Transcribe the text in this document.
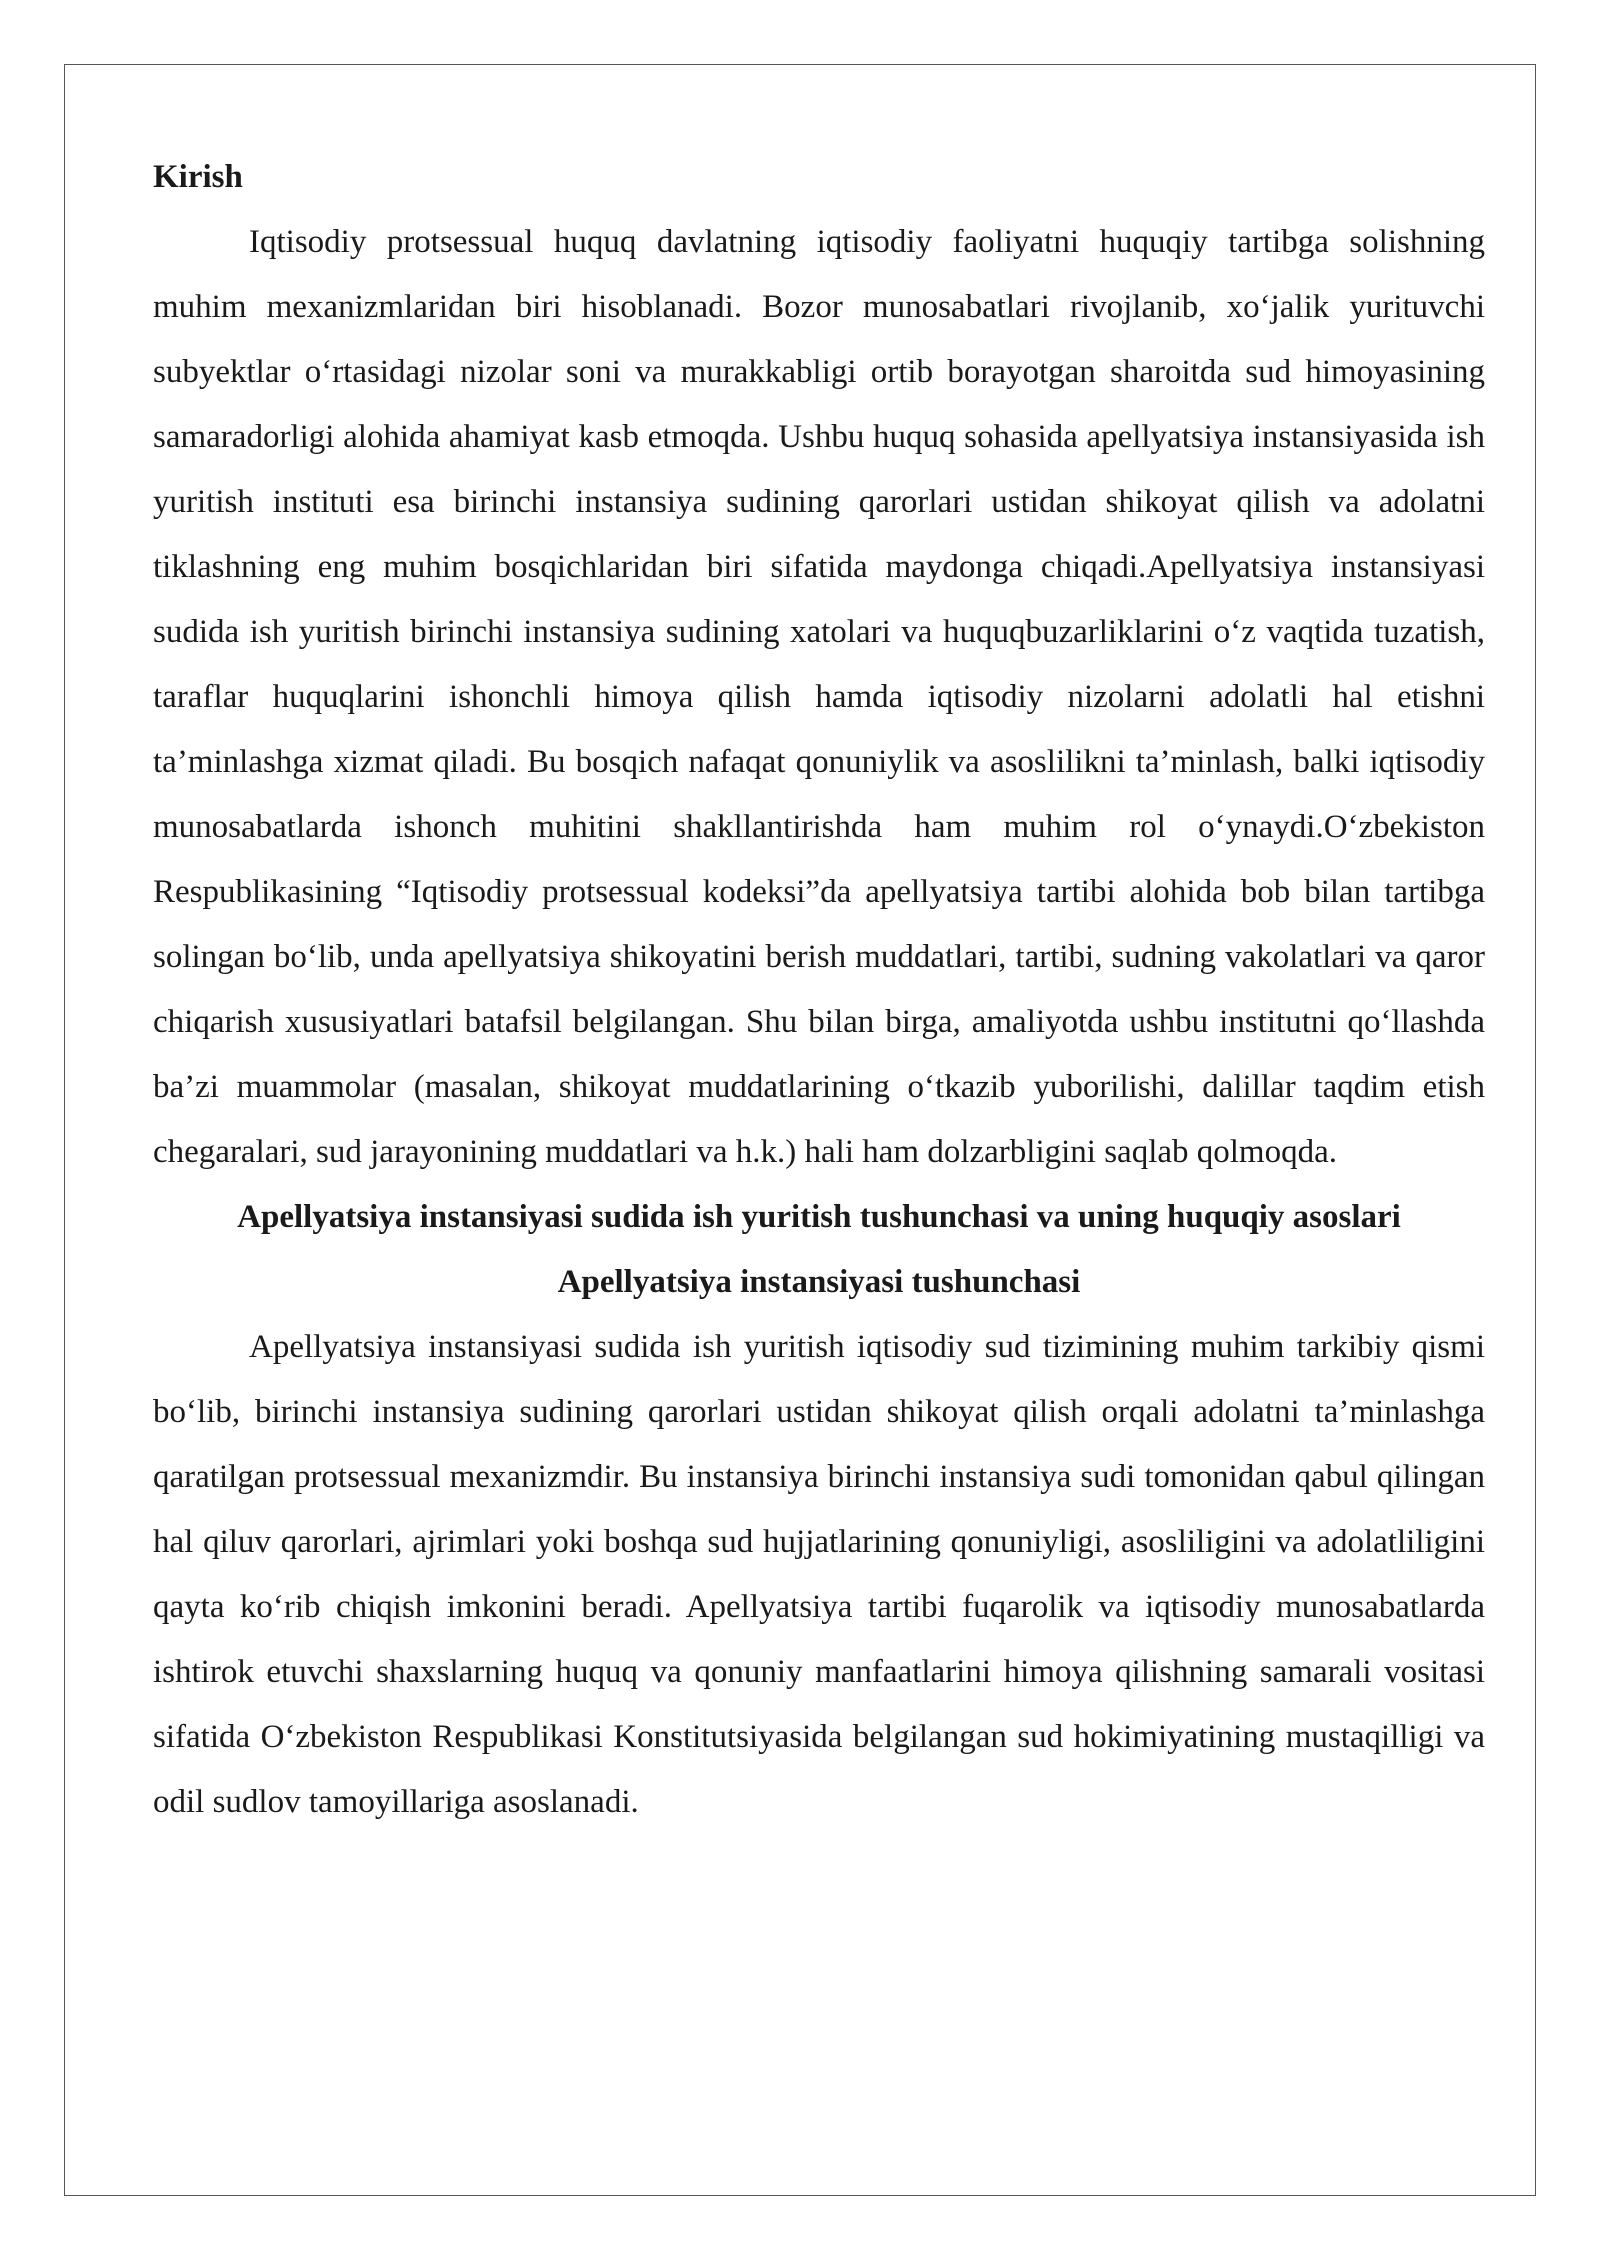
Kirish

Iqtisodiy protsessual huquq davlatning iqtisodiy faoliyatni huquqiy tartibga solishning muhim mexanizmlaridan biri hisoblanadi. Bozor munosabatlari rivojlanib, xo‘jalik yurituvchi subyektlar o‘rtasidagi nizolar soni va murakkabligi ortib borayotgan sharoitda sud himoyasining samaradorligi alohida ahamiyat kasb etmoqda. Ushbu huquq sohasida apellyatsiya instansiyasida ish yuritish instituti esa birinchi instansiya sudining qarorlari ustidan shikoyat qilish va adolatni tiklashning eng muhim bosqichlaridan biri sifatida maydonga chiqadi.Apellyatsiya instansiyasi sudida ish yuritish birinchi instansiya sudining xatolari va huquqbuzarliklarini o‘z vaqtida tuzatish, taraflar huquqlarini ishonchli himoya qilish hamda iqtisodiy nizolarni adolatli hal etishni ta’minlashga xizmat qiladi. Bu bosqich nafaqat qonuniylik va asoslilikni ta’minlash, balki iqtisodiy munosabatlarda ishonch muhitini shakllantirishda ham muhim rol o‘ynaydi.O‘zbekiston Respublikasining “Iqtisodiy protsessual kodeksi”da apellyatsiya tartibi alohida bob bilan tartibga solingan bo‘lib, unda apellyatsiya shikoyatini berish muddatlari, tartibi, sudning vakolatlari va qaror chiqarish xususiyatlari batafsil belgilangan. Shu bilan birga, amaliyotda ushbu institutni qo‘llashda ba’zi muammolar (masalan, shikoyat muddatlarining o‘tkazib yuborilishi, dalillar taqdim etish chegaralari, sud jarayonining muddatlari va h.k.) hali ham dolzarbligini saqlab qolmoqda.

Apellyatsiya instansiyasi sudida ish yuritish tushunchasi va uning huquqiy asoslari

Apellyatsiya instansiyasi tushunchasi

Apellyatsiya instansiyasi sudida ish yuritish iqtisodiy sud tizimining muhim tarkibiy qismi bo‘lib, birinchi instansiya sudining qarorlari ustidan shikoyat qilish orqali adolatni ta’minlashga qaratilgan protsessual mexanizmdir. Bu instansiya birinchi instansiya sudi tomonidan qabul qilingan hal qiluv qarorlari, ajrimlari yoki boshqa sud hujjatlarining qonuniyligi, asosliligini va adolatliligini qayta ko‘rib chiqish imkonini beradi. Apellyatsiya tartibi fuqarolik va iqtisodiy munosabatlarda ishtirok etuvchi shaxslarning huquq va qonuniy manfaatlarini himoya qilishning samarali vositasi sifatida O‘zbekiston Respublikasi Konstitutsiyasida belgilangan sud hokimiyatining mustaqilligi va odil sudlov tamoyillariga asoslanadi.
